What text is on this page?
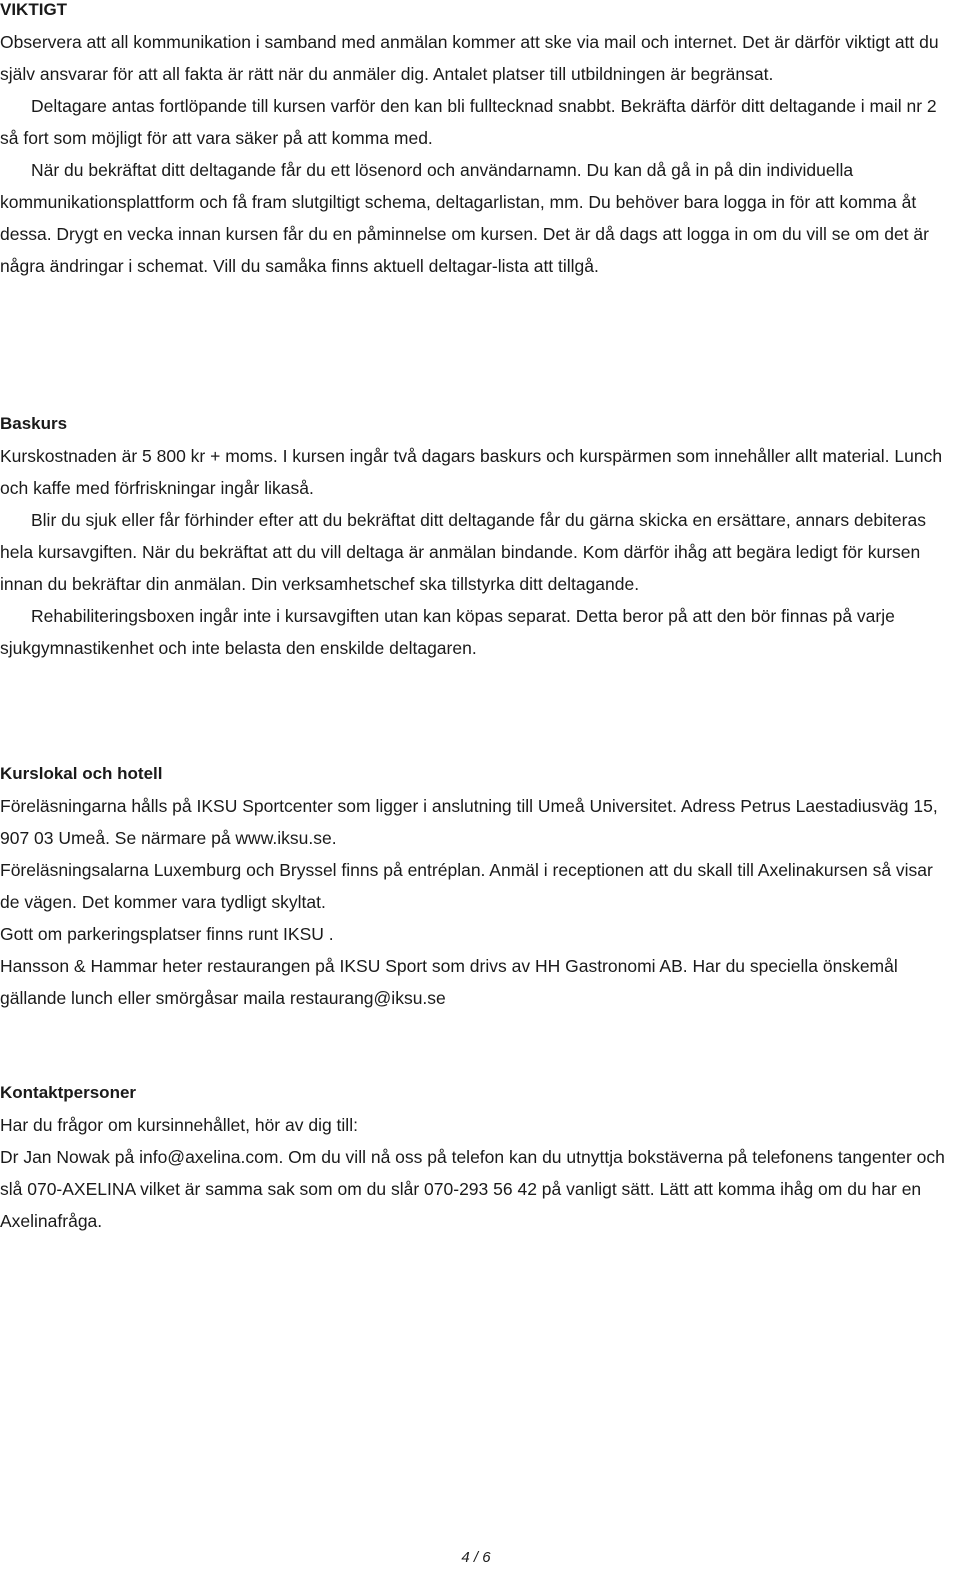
VIKTIGT

Observera att all kommunikation i samband med anmälan kommer att ske via mail och internet. Det är därför viktigt att du själv ansvarar för att all fakta är rätt när du anmäler dig. Antalet platser till utbildningen är begränsat.

Deltagare antas fortlöpande till kursen varför den kan bli fulltecknad snabbt. Bekräfta därför ditt deltagande i mail nr 2 så fort som möjligt för att vara säker på att komma med.

När du bekräftat ditt deltagande får du ett lösenord och användarnamn. Du kan då gå in på din individuella kommunikationsplattform och få fram slutgiltigt schema, deltagarlistan, mm. Du behöver bara logga in för att komma åt dessa. Drygt en vecka innan kursen får du en påminnelse om kursen. Det är då dags att logga in om du vill se om det är några ändringar i schemat. Vill du samåka finns aktuell deltagar-lista att tillgå.

Baskurs

Kurskostnaden är 5 800 kr + moms. I kursen ingår två dagars baskurs och kurspärmen som innehåller allt material. Lunch och kaffe med förfriskningar ingår likaså.

Blir du sjuk eller får förhinder efter att du bekräftat ditt deltagande får du gärna skicka en ersättare, annars debiteras hela kursavgiften. När du bekräftat att du vill deltaga är anmälan bindande. Kom därför ihåg att begära ledigt för kursen innan du bekräftar din anmälan. Din verksamhetschef ska tillstyrka ditt deltagande.

Rehabiliteringsboxen ingår inte i kursavgiften utan kan köpas separat. Detta beror på att den bör finnas på varje sjukgymnastikenhet och inte belasta den enskilde deltagaren.

Kurslokal och hotell

Föreläsningarna hålls på IKSU Sportcenter som ligger i anslutning till Umeå Universitet. Adress Petrus Laestadiusväg 15, 907 03 Umeå. Se närmare på www.iksu.se.

Föreläsningsalarna Luxemburg och Bryssel finns på entréplan. Anmäl i receptionen att du skall till Axelinakursen så visar de vägen. Det kommer vara tydligt skyltat.

Gott om parkeringsplatser finns runt IKSU .

Hansson & Hammar heter restaurangen på IKSU Sport som drivs av HH Gastronomi AB. Har du speciella önskemål gällande lunch eller smörgåsar maila restaurang@iksu.se

Kontaktpersoner

Har du frågor om kursinnehållet, hör av dig till:

Dr Jan Nowak på info@axelina.com. Om du vill nå oss på telefon kan du utnyttja bokstäverna på telefonens tangenter och slå 070-AXELINA vilket är samma sak som om du slår 070-293 56 42 på vanligt sätt. Lätt att komma ihåg om du har en Axelinafråga.

4 / 6
